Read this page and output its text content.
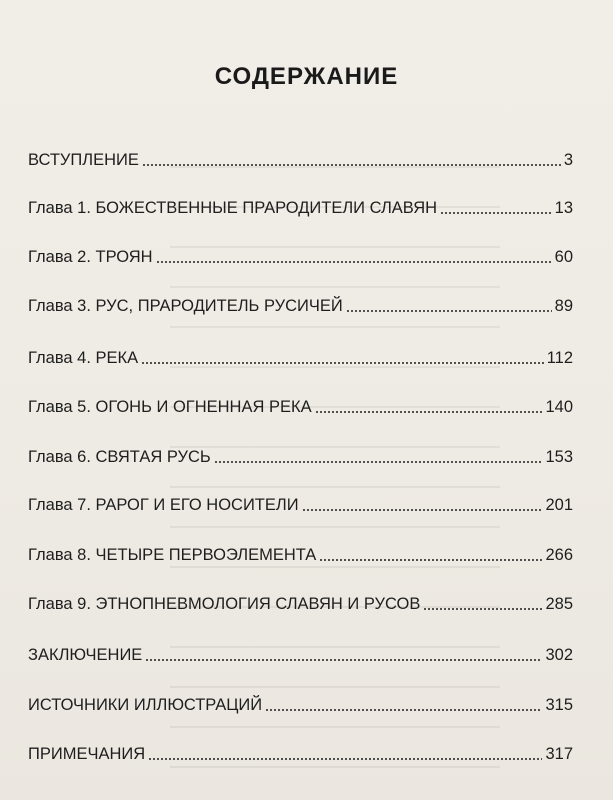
СОДЕРЖАНИЕ
ВСТУПЛЕНИЕ	3
Глава 1. БОЖЕСТВЕННЫЕ ПРАРОДИТЕЛИ СЛАВЯН	13
Глава 2. ТРОЯН	60
Глава 3. РУС, ПРАРОДИТЕЛЬ РУСИЧЕЙ	89
Глава 4. РЕКА	112
Глава 5. ОГОНЬ И ОГНЕННАЯ РЕКА	140
Глава 6. СВЯТАЯ РУСЬ	153
Глава 7. РАРОГ И ЕГО НОСИТЕЛИ	201
Глава 8. ЧЕТЫРЕ ПЕРВОЭЛЕМЕНТА	266
Глава 9. ЭТНОПНЕВМОЛОГИЯ СЛАВЯН И РУСОВ	285
ЗАКЛЮЧЕНИЕ	302
ИСТОЧНИКИ ИЛЛЮСТРАЦИЙ	315
ПРИМЕЧАНИЯ	317
